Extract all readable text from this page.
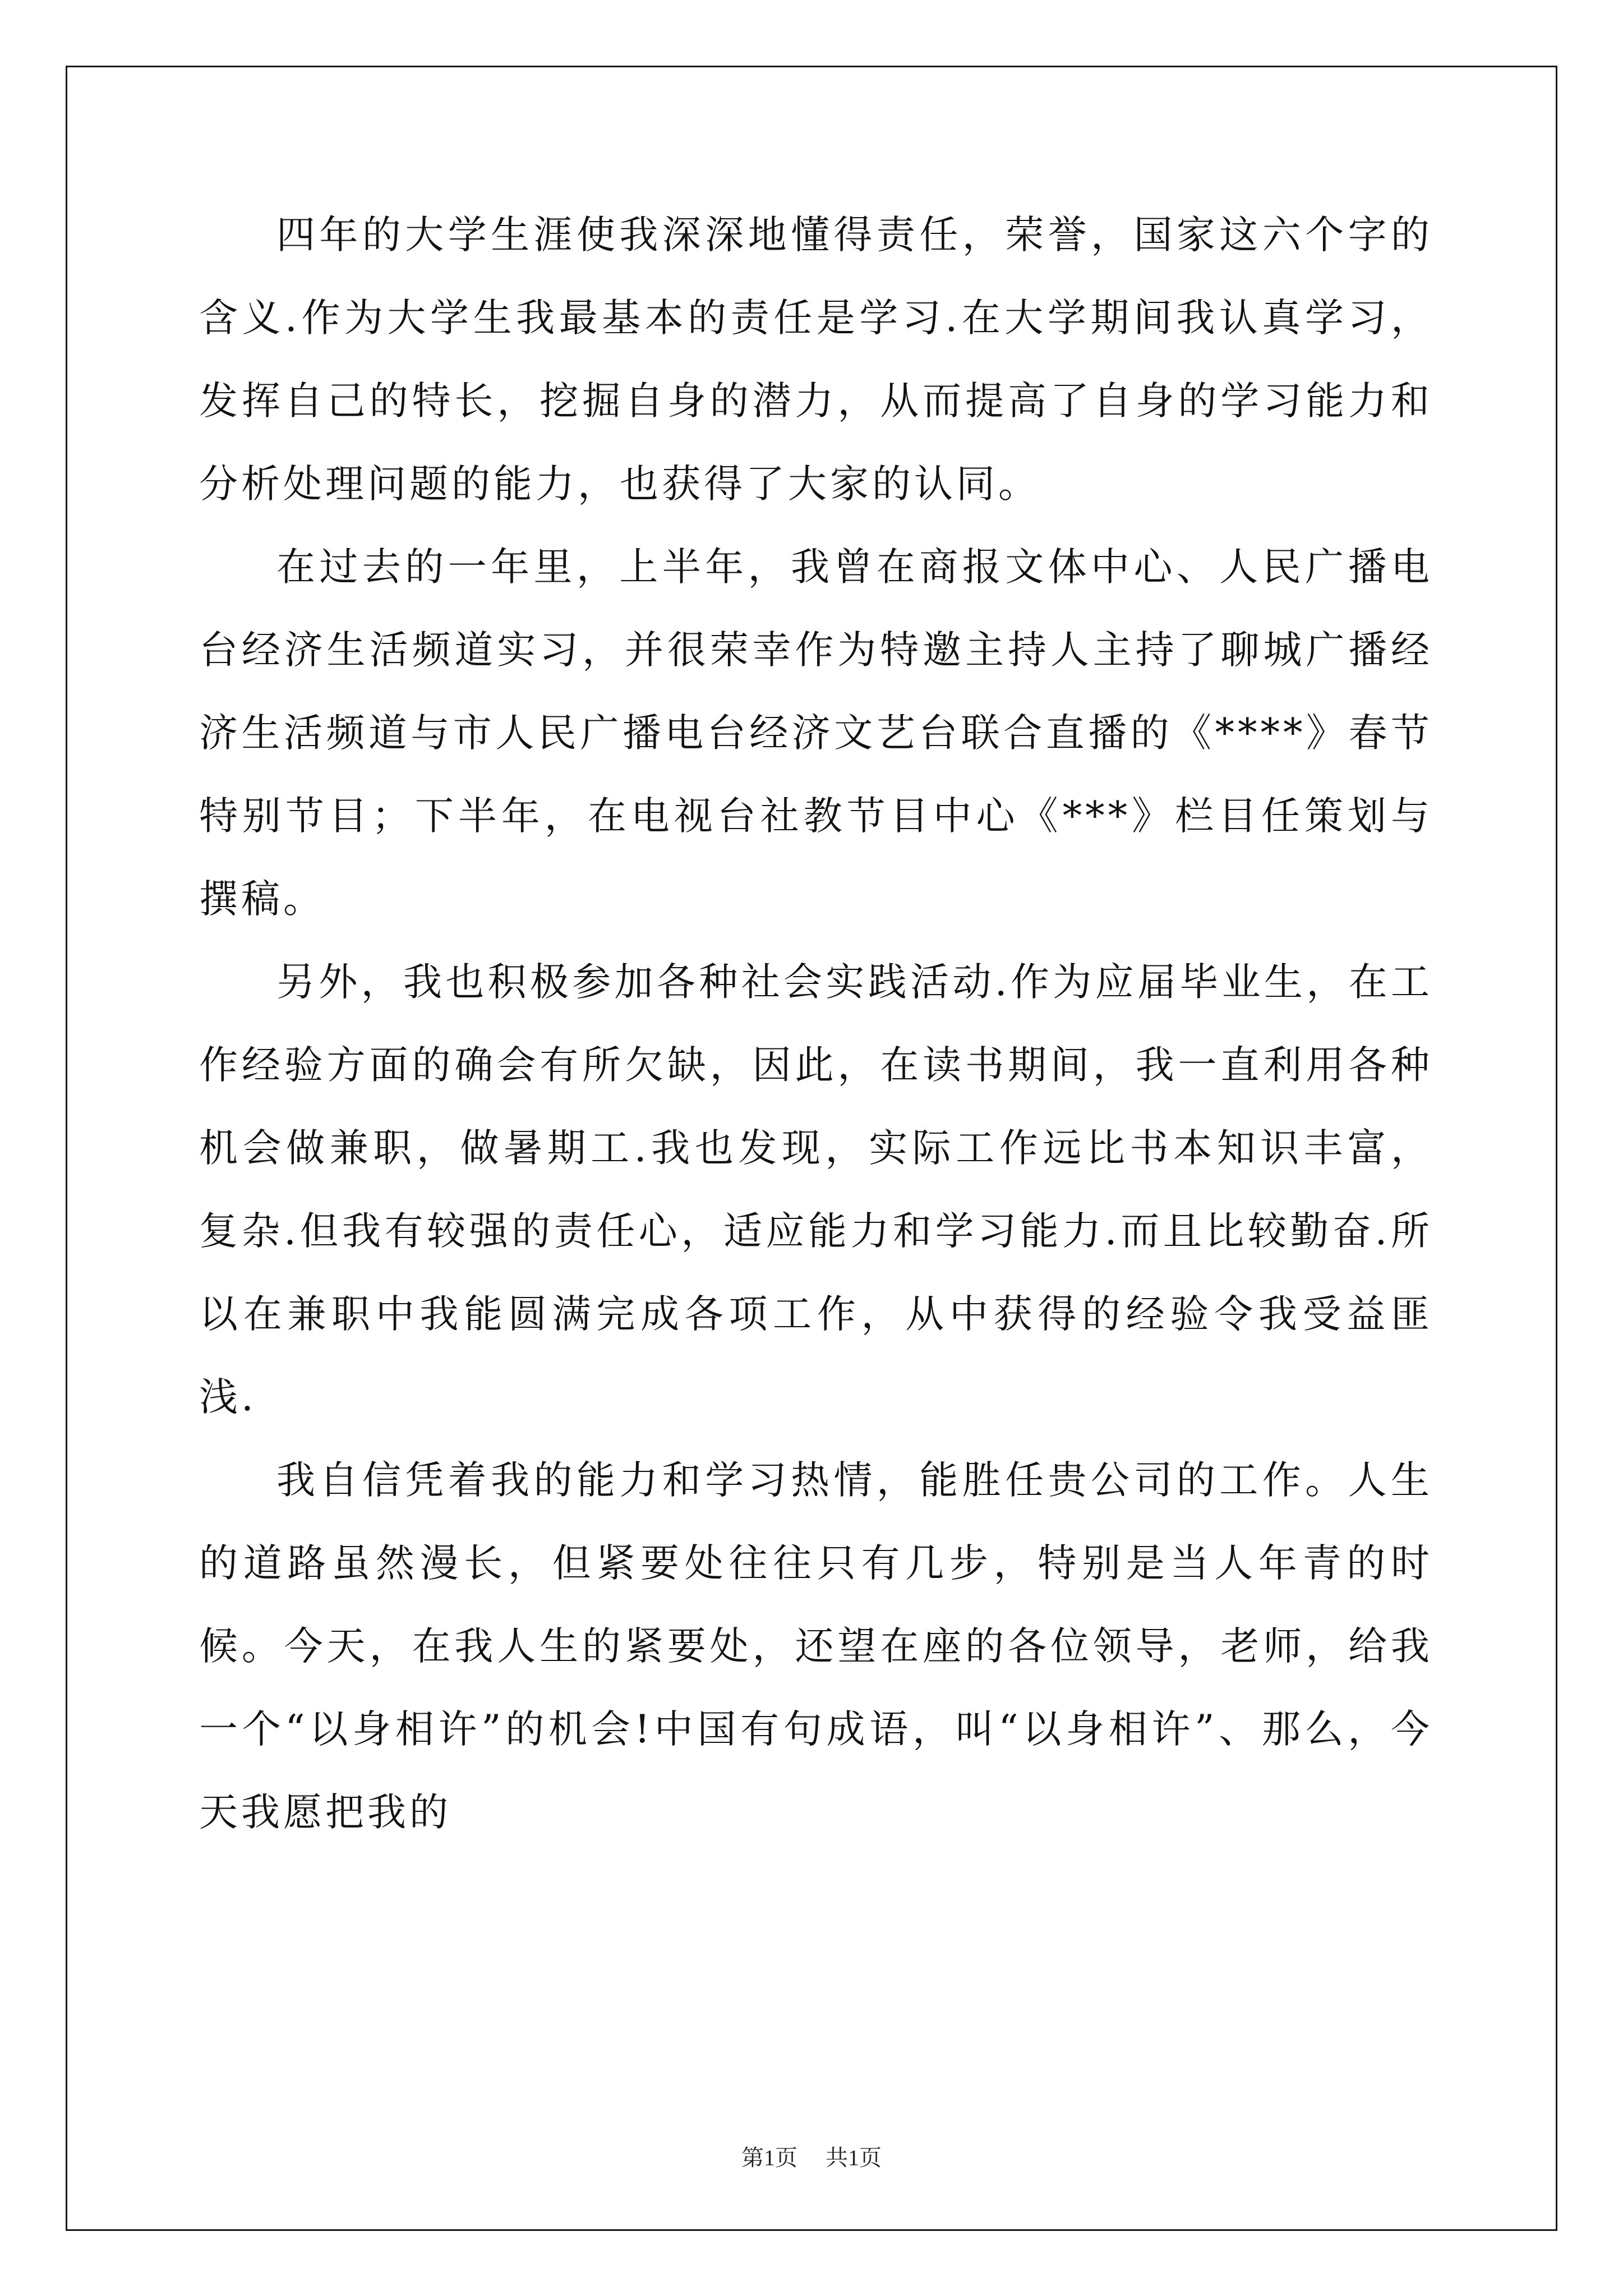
四年的大学生涯使我深深地懂得责任，荣誉，国家这六个字的含义.作为大学生我最基本的责任是学习.在大学期间我认真学习，发挥自己的特长，挖掘自身的潜力，从而提高了自身的学习能力和分析处理问题的能力，也获得了大家的认同。

在过去的一年里，上半年，我曾在商报文体中心、人民广播电台经济生活频道实习，并很荣幸作为特邀主持人主持了聊城广播经济生活频道与市人民广播电台经济文艺台联合直播的《****》春节特别节目；下半年，在电视台社教节目中心《***》栏目任策划与撰稿。

另外，我也积极参加各种社会实践活动.作为应届毕业生，在工作经验方面的确会有所欠缺，因此，在读书期间，我一直利用各种机会做兼职，做暑期工.我也发现，实际工作远比书本知识丰富，复杂.但我有较强的责任心，适应能力和学习能力.而且比较勤奋.所以在兼职中我能圆满完成各项工作，从中获得的经验令我受益匪浅.

我自信凭着我的能力和学习热情，能胜任贵公司的工作。人生的道路虽然漫长，但紧要处往往只有几步，特别是当人年青的时候。今天，在我人生的紧要处，还望在座的各位领导，老师，给我一个“以身相许”的机会!中国有句成语，叫“以身相许”、那么，今天我愿把我的

第1页 共1页
